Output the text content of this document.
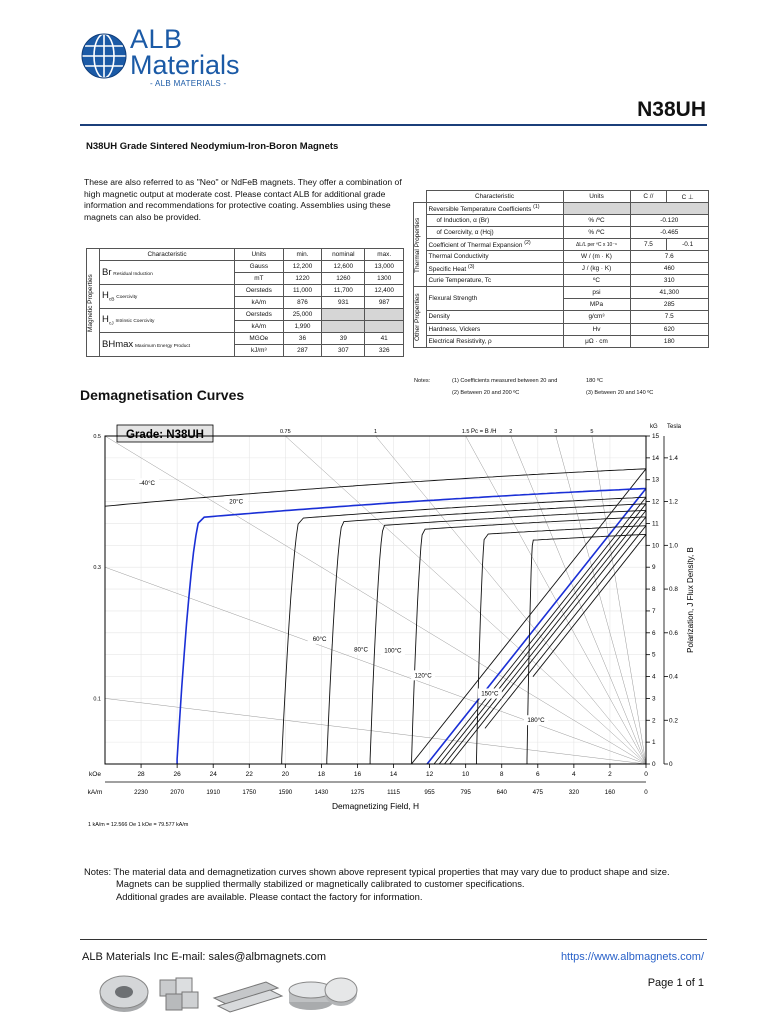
ALB
Materials
- ALB MATERIALS -
N38UH
N38UH Grade Sintered Neodymium-Iron-Boron Magnets
These are also referred to as "Neo" or NdFeB magnets. They offer a combination of high magnetic output at moderate cost. Please contact ALB for additional grade information and recommendations for protective coating. Assemblies using these magnets can also be provided.
Magnetic Properties	Characteristic	Units	min.	nominal	max.
	Br Residual Induction	Gauss	12,200	12,600	13,000
		mT	1220	1260	1300
	$H_{cB}$ Coercivity	Oersteds	11,000	11,700	12,400
		kA/m	876	931	987
	$H_{cJ}$ Intrinsic Coercivity	Oersteds	25,000		
		kA/m	1,990		
	BHmax Maximum Energy Product	MGOe	36	39	41
		kJ/m³	287	307	326
	Characteristic	Units	C //	C ⊥

Thermal Properties	Reversible Temperature Coefficients $^{(1)}$		
	of Induction, α (Br)	% /ºC	-0.120	
	of Coercivity, α (Hcj)	% /ºC	-0.465	
	Coefficient of Thermal Expansion $^{(2)}$	ΔL/L per ºC x 10⁻⁶	7.5	-0.1
	Thermal Conductivity	W / (m · K)	7.6	
	Specific Heat $^{(3)}$	J / (kg · K)	460	
	Curie Temperature, Tc	ºC	310	

Other Properties	Flexural Strength	psi	41,300	
		MPa	285	
	Density	g/cm³	7.5	
	Hardness, Vickers	Hv	620	
	Electrical Resistivity, ρ	μΩ · cm	180	
Notes:	(1) Coefficients measured between 20 and	180 ºC
(2) Between 20 and 200 ºC	(3) Between 20 and 140 ºC
Demagnetisation Curves
0.75	1	1.5	2	3	5
0.5
0.3
0.1
Pc = B /H
Grade: N38UH
-40°C
20°C
60°C
80°C	100°C
120°C
150°C
180°C
kOe
kA/m
28
2230
26
2070
24
1910
22
1750
20
1590
18
1430
16
1275
14
1115
12
955
10
795
8
640
6
475
4
320
2
160
0
0
Demagnetizing Field, H
1 kA/m = 12.566 Oe 1 kOe = 79.577 kA/m
kG Tesla
0
1
2
3
4
5
6
7
8
9
10
11
12
13
14
15
0
0.2
0.4
0.6
0.8
1.0
1.2
1.4
Polarization, J Flux Density, B
Notes: The material data and demagnetization curves shown above represent typical properties that may vary due to product shape and size.
Magnets can be supplied thermally stabilized or magnetically calibrated to customer specifications.
Additional grades are available. Please contact the factory for information.
ALB Materials Inc E-mail: sales@albmagnets.com	https://www.albmagnets.com/
Page 1 of 1
